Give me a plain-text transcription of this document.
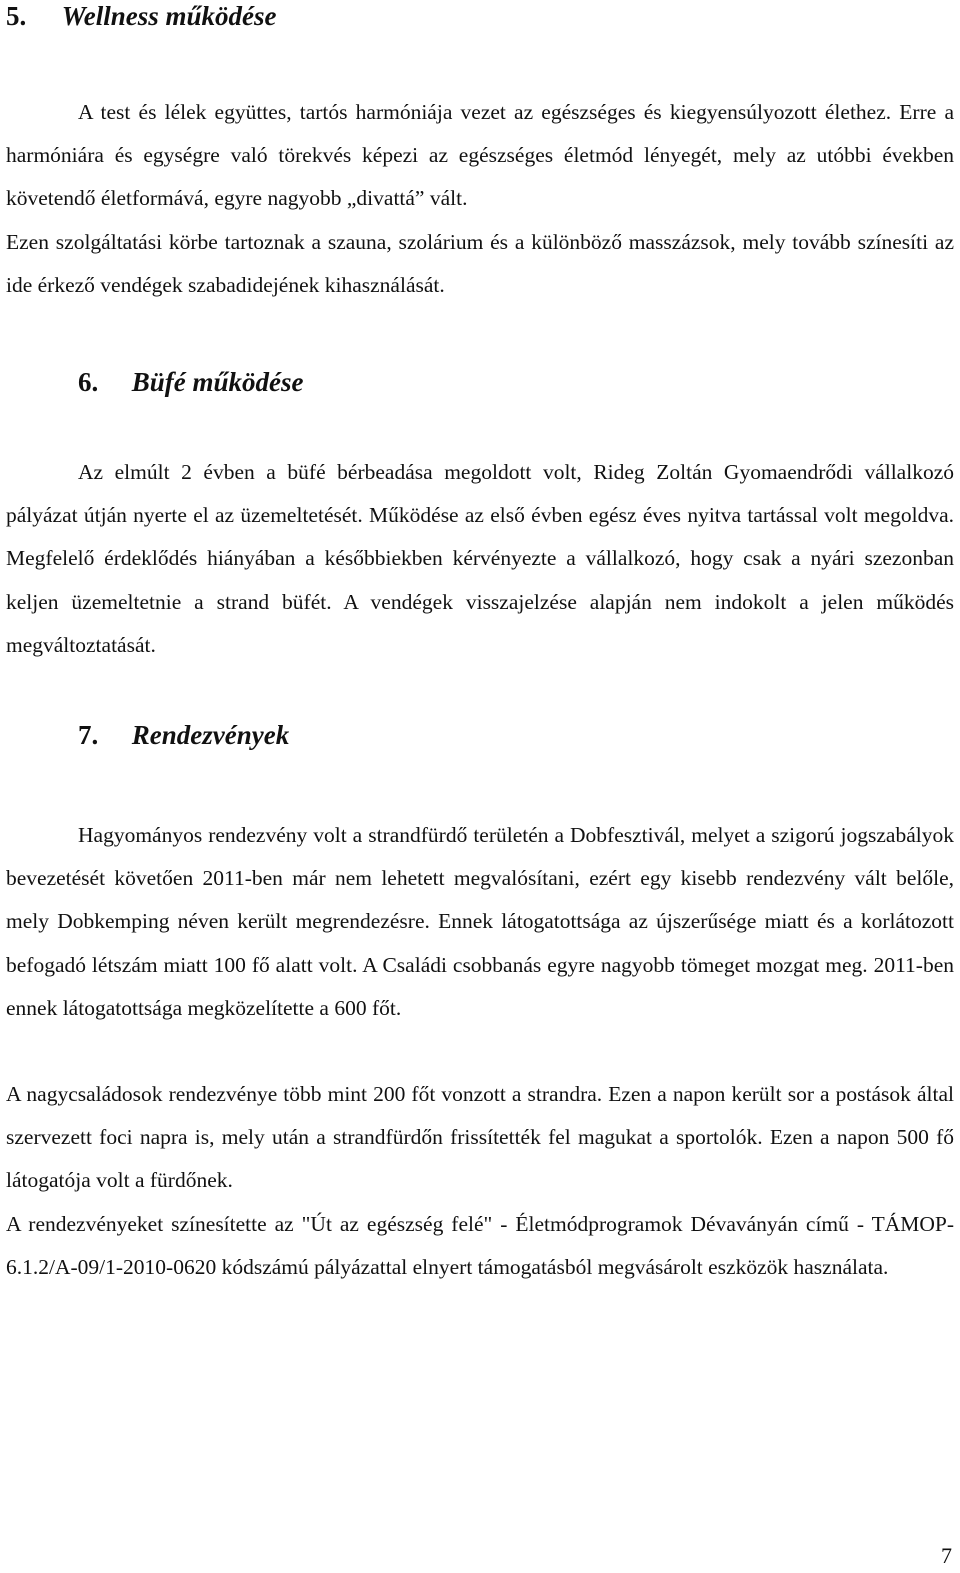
5. Wellness működése

A test és lélek együttes, tartós harmóniája vezet az egészséges és kiegyensúlyozott élethez. Erre a harmóniára és egységre való törekvés képezi az egészséges életmód lényegét, mely az utóbbi években követendő életformává, egyre nagyobb „divattá” vált.

Ezen szolgáltatási körbe tartoznak a szauna, szolárium és a különböző masszázsok, mely tovább színesíti az ide érkező vendégek szabadidejének kihasználását.

6. Büfé működése

Az elmúlt 2 évben a büfé bérbeadása megoldott volt, Rideg Zoltán Gyomaendrődi vállalkozó pályázat útján nyerte el az üzemeltetését. Működése az első évben egész éves nyitva tartással volt megoldva. Megfelelő érdeklődés hiányában a későbbiekben kérvényezte a vállalkozó, hogy csak a nyári szezonban keljen üzemeltetnie a strand büfét. A vendégek visszajelzése alapján nem indokolt a jelen működés megváltoztatását.

7. Rendezvények

Hagyományos rendezvény volt a strandfürdő területén a Dobfesztivál, melyet a szigorú jogszabályok bevezetését követően 2011-ben már nem lehetett megvalósítani, ezért egy kisebb rendezvény vált belőle, mely Dobkemping néven került megrendezésre. Ennek látogatottsága az újszerűsége miatt és a korlátozott befogadó létszám miatt 100 fő alatt volt. A Családi csobbanás egyre nagyobb tömeget mozgat meg. 2011-ben ennek látogatottsága megközelítette a 600 főt.

A nagycsaládosok rendezvénye több mint 200 főt vonzott a strandra. Ezen a napon került sor a postások által szervezett foci napra is, mely után a strandfürdőn frissítették fel magukat a sportolók. Ezen a napon 500 fő látogatója volt a fürdőnek.

A rendezvényeket színesítette az "Út az egészség felé" - Életmódprogramok Dévaványán című - TÁMOP-6.1.2/A-09/1-2010-0620 kódszámú pályázattal elnyert támogatásból megvásárolt eszközök használata.

7
